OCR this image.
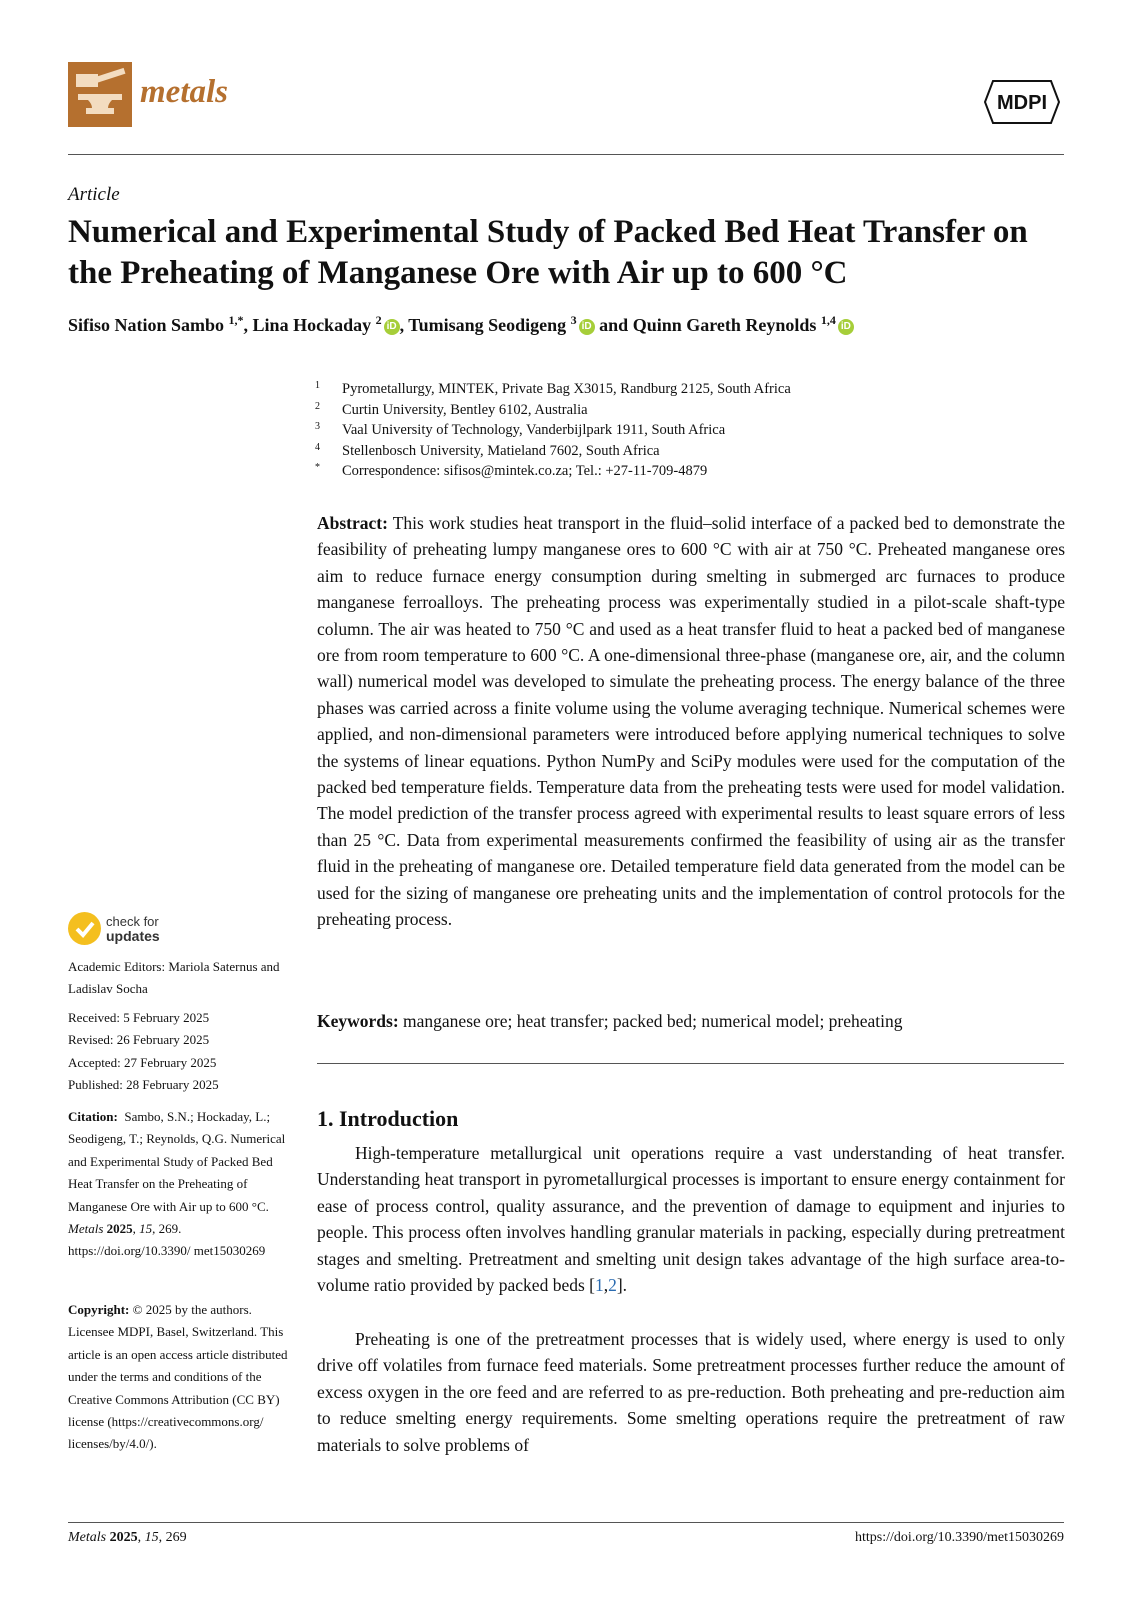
metals	MDPI
Article
Numerical and Experimental Study of Packed Bed Heat Transfer on the Preheating of Manganese Ore with Air up to 600 °C
Sifiso Nation Sambo $^{1,*}$, Lina Hockaday $^2$ iD , Tumisang Seodigeng $^3$ iD and Quinn Gareth Reynolds $^{1,4}$ iD
1	Pyrometallurgy, MINTEK, Private Bag X3015, Randburg 2125, South Africa
2	Curtin University, Bentley 6102, Australia
3	Vaal University of Technology, Vanderbijlpark 1911, South Africa
4	Stellenbosch University, Matieland 7602, South Africa
*	Correspondence: sifisos@mintek.co.za; Tel.: +27-11-709-4879
Abstract: This work studies heat transport in the fluid–solid interface of a packed bed to demonstrate the feasibility of preheating lumpy manganese ores to 600 °C with air at 750 °C. Preheated manganese ores aim to reduce furnace energy consumption during smelting in submerged arc furnaces to produce manganese ferroalloys. The preheating process was experimentally studied in a pilot-scale shaft-type column. The air was heated to 750 °C and used as a heat transfer fluid to heat a packed bed of manganese ore from room temperature to 600 °C. A one-dimensional three-phase (manganese ore, air, and the column wall) numerical model was developed to simulate the preheating process. The energy balance of the three phases was carried across a finite volume using the volume averaging technique. Numerical schemes were applied, and non-dimensional parameters were introduced before applying numerical techniques to solve the systems of linear equations. Python NumPy and SciPy modules were used for the computation of the packed bed temperature fields. Temperature data from the preheating tests were used for model validation. The model prediction of the transfer process agreed with experimental results to least square errors of less than 25 °C. Data from experimental measurements confirmed the feasibility of using air as the transfer fluid in the preheating of manganese ore. Detailed temperature field data generated from the model can be used for the sizing of manganese ore preheating units and the implementation of control protocols for the preheating process.
Keywords: manganese ore; heat transfer; packed bed; numerical model; preheating
check for
updates
Academic Editors: Mariola Saternus and Ladislav Socha
Received: 5 February 2025
Revised: 26 February 2025
Accepted: 27 February 2025
Published: 28 February 2025
Citation: Sambo, S.N.; Hockaday, L.; Seodigeng, T.; Reynolds, Q.G. Numerical and Experimental Study of Packed Bed Heat Transfer on the Preheating of Manganese Ore with Air up to 600 °C. Metals 2025, 15, 269. https://doi.org/10.3390/ met15030269
Copyright: © 2025 by the authors. Licensee MDPI, Basel, Switzerland. This article is an open access article distributed under the terms and conditions of the Creative Commons Attribution (CC BY) license (https://creativecommons.org/ licenses/by/4.0/).
1. Introduction

High-temperature metallurgical unit operations require a vast understanding of heat transfer. Understanding heat transport in pyrometallurgical processes is important to ensure energy containment for ease of process control, quality assurance, and the prevention of damage to equipment and injuries to people. This process often involves handling granular materials in packing, especially during pretreatment stages and smelting. Pretreatment and smelting unit design takes advantage of the high surface area-to-volume ratio provided by packed beds [1,2].

Preheating is one of the pretreatment processes that is widely used, where energy is used to only drive off volatiles from furnace feed materials. Some pretreatment processes further reduce the amount of excess oxygen in the ore feed and are referred to as pre-reduction. Both preheating and pre-reduction aim to reduce smelting energy requirements. Some smelting operations require the pretreatment of raw materials to solve problems of

Metals 2025, 15, 269	https://doi.org/10.3390/met15030269
